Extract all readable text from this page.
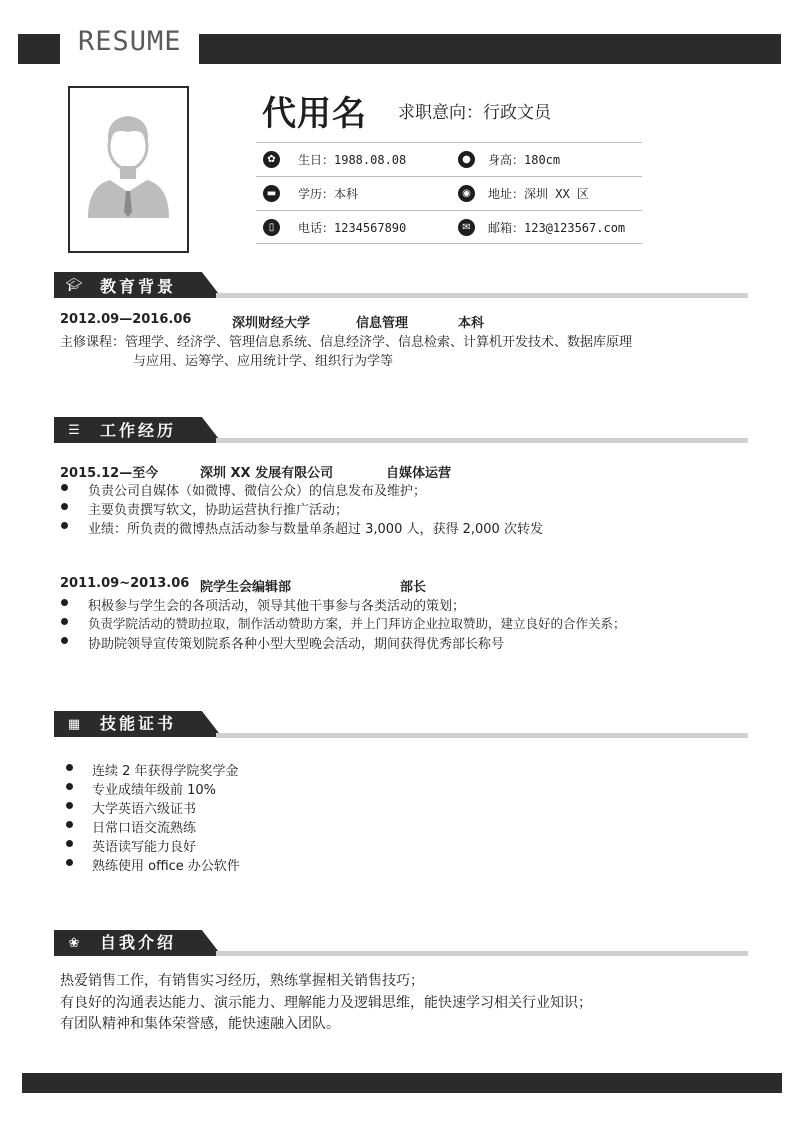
RESUME
代用名 求职意向：行政文员
✿	生日：1988.08.08	●	身高：180cm
▬	学历：本科	◉	地址：深圳 XX 区
▯	电话：1234567890	✉	邮箱：123@123567.com
🎓︎ 教育背景
2012.09—2016.06	深圳财经大学	信息管理	本科
主修课程：管理学、经济学、管理信息系统、信息经济学、信息检索、计算机开发技术、数据库原理
与应用、运筹学、应用统计学、组织行为学等
☰ 工作经历
2015.12—至今	深圳 XX 发展有限公司	自媒体运营
负责公司自媒体（如微博、微信公众）的信息发布及维护；
主要负责撰写软文，协助运营执行推广活动；
业绩：所负责的微博热点活动参与数量单条超过 3,000 人，获得 2,000 次转发
2011.09~2013.06 院学生会编辑部	部长
积极参与学生会的各项活动，领导其他干事参与各类活动的策划；
负责学院活动的赞助拉取，制作活动赞助方案，并上门拜访企业拉取赞助，建立良好的合作关系；
协助院领导宣传策划院系各种小型大型晚会活动，期间获得优秀部长称号
▦ 技能证书
连续 2 年获得学院奖学金
专业成绩年级前 10%
大学英语六级证书
日常口语交流熟练
英语读写能力良好
熟练使用 office 办公软件
❀ 自我介绍
热爱销售工作，有销售实习经历，熟练掌握相关销售技巧；
有良好的沟通表达能力、演示能力、理解能力及逻辑思维，能快速学习相关行业知识；
有团队精神和集体荣誉感，能快速融入团队。
